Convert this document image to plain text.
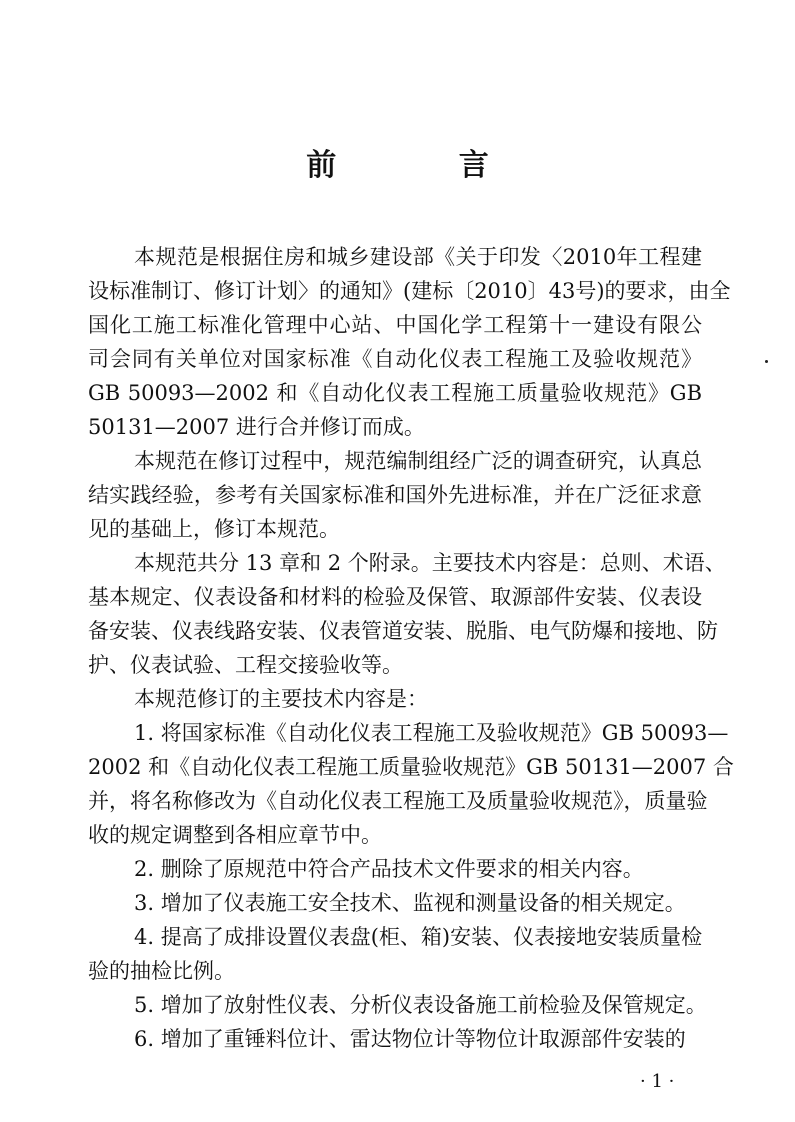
前 言
本规范是根据住房和城乡建设部《关于印发〈2010年工程建
设标准制订、修订计划〉的通知》(建标〔2010〕43号)的要求，由全
国化工施工标准化管理中心站、中国化学工程第十一建设有限公
司会同有关单位对国家标准《自动化仪表工程施工及验收规范》
GB 50093—2002 和《自动化仪表工程施工质量验收规范》GB
50131—2007 进行合并修订而成。
本规范在修订过程中，规范编制组经广泛的调查研究，认真总
结实践经验，参考有关国家标准和国外先进标准，并在广泛征求意
见的基础上，修订本规范。
本规范共分 13 章和 2 个附录。主要技术内容是：总则、术语、
基本规定、仪表设备和材料的检验及保管、取源部件安装、仪表设
备安装、仪表线路安装、仪表管道安装、脱脂、电气防爆和接地、防
护、仪表试验、工程交接验收等。
本规范修订的主要技术内容是：
1. 将国家标准《自动化仪表工程施工及验收规范》GB 50093—
2002 和《自动化仪表工程施工质量验收规范》GB 50131—2007 合
并，将名称修改为《自动化仪表工程施工及质量验收规范》，质量验
收的规定调整到各相应章节中。
2. 删除了原规范中符合产品技术文件要求的相关内容。
3. 增加了仪表施工安全技术、监视和测量设备的相关规定。
4. 提高了成排设置仪表盘(柜、箱)安装、仪表接地安装质量检
验的抽检比例。
5. 增加了放射性仪表、分析仪表设备施工前检验及保管规定。
6. 增加了重锤料位计、雷达物位计等物位计取源部件安装的
· 1 ·
